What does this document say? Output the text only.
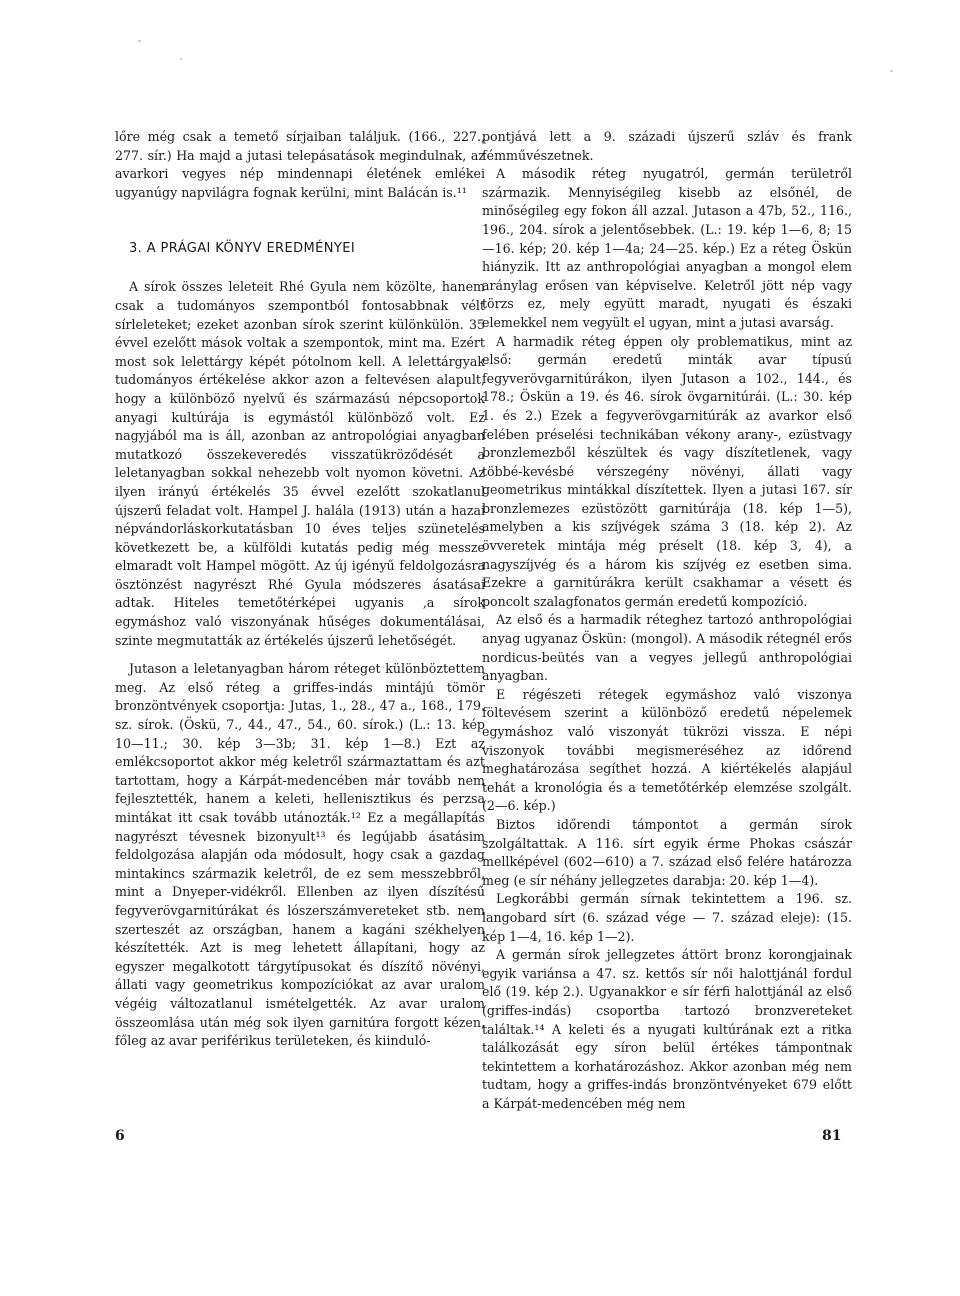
lőre még csak a temető sírjaiban találjuk. (166., 227., 277. sír.) Ha majd a jutasi telepásatások megindulnak, az avarkori vegyes nép mindennapi életének emlékei ugyanúgy napvilágra fognak kerülni, mint Balácán is.¹¹

3. A PRÁGAI KÖNYV EREDMÉNYEI

A sírok összes leleteit Rhé Gyula nem közölte, hanem csak a tudományos szempontból fontosabbnak vélt sírleleteket; ezeket azonban sírok szerint különkülön. 35 évvel ezelőtt mások voltak a szempontok, mint ma. Ezért most sok lelettárgy képét pótolnom kell. A lelettárgyak tudományos értékelése akkor azon a feltevésen alapult, hogy a különböző nyelvű és származású népcsoportok anyagi kultúrája is egymástól különböző volt. Ez nagyjából ma is áll, azonban az antropológiai anyagban mutatkozó összekeveredés visszatükröződését a leletanyagban sokkal nehezebb volt nyomon követni. Az ilyen irányú értékelés 35 évvel ezelőtt szokatlanul újszerű feladat volt. Hampel J. halála (1913) után a hazai népvándorláskorkutatásban 10 éves teljes szünetelés következett be, a külföldi kutatás pedig még messze elmaradt volt Hampel mögött. Az új igényű feldolgozásra ösztönzést nagyrészt Rhé Gyula módszeres ásatásai adtak. Hiteles temetőtérképei ugyanis ,a sírok egymáshoz való viszonyának hűséges dokumentálásai, szinte megmutatták az értékelés újszerű lehetőségét.

Jutason a leletanyagban három réteget különböztettem meg. Az első réteg a griffes-indás mintájú tömör bronzöntvények csoportja: Jutas, 1., 28., 47 a., 168., 179. sz. sírok. (Öskü, 7., 44., 47., 54., 60. sírok.) (L.: 13. kép 10—11.; 30. kép 3—3b; 31. kép 1—8.) Ezt az emlékcsoportot akkor még keletről származtattam és azt tartottam, hogy a Kárpát-medencében már tovább nem fejlesztették, hanem a keleti, hellenisztikus és perzsa mintákat itt csak tovább utánozták.¹² Ez a megállapítás nagyrészt tévesnek bizonyult¹³ és legújabb ásatásim feldolgozása alapján oda módosult, hogy csak a gazdag mintakincs származik keletről, de ez sem messzebbről, mint a Dnyeper-vidékről. Ellenben az ilyen díszítésű fegyverövgarnitúrákat és lószerszámvereteket stb. nem szerteszét az országban, hanem a kagáni székhelyen készítették. Azt is meg lehetett állapítani, hogy az egyszer megalkotott tárgytípusokat és díszítő növényi, állati vagy geometrikus kompozíciókat az avar uralom végéig változatlanul ismételgették. Az avar uralom összeomlása után még sok ilyen garnitúra forgott kézen, főleg az avar periférikus területeken, és kiinduló-

pontjává lett a 9. századi újszerű szláv és frank fémművészetnek.

A második réteg nyugatról, germán területről származik. Mennyiségileg kisebb az elsőnél, de minőségileg egy fokon áll azzal. Jutason a 47b, 52., 116., 196., 204. sírok a jelentősebbek. (L.: 19. kép 1—6, 8; 15—16. kép; 20. kép 1—4a; 24—25. kép.) Ez a réteg Öskün hiányzik. Itt az anthropológiai anyagban a mongol elem aránylag erősen van képviselve. Keletről jött nép vagy törzs ez, mely együtt maradt, nyugati és északi elemekkel nem vegyült el ugyan, mint a jutasi avarság.

A harmadik réteg éppen oly problematikus, mint az első: germán eredetű minták avar típusú fegyverövgarnitúrákon, ilyen Jutason a 102., 144., és 178.; Öskün a 19. és 46. sírok övgarnitúrái. (L.: 30. kép 1. és 2.) Ezek a fegyverövgarnitúrák az avarkor első felében préselési technikában vékony arany-, ezüstvagy bronzlemezből készültek és vagy díszítetlenek, vagy többé-kevésbé vérszegény növényi, állati vagy geometrikus mintákkal díszítettek. Ilyen a jutasi 167. sír bronzlemezes ezüstözött garnitúrája (18. kép 1—5), amelyben a kis szíjvégek száma 3 (18. kép 2). Az övveretek mintája még préselt (18. kép 3, 4), a nagyszíjvég és a három kis szíjvég ez esetben sima. Ezekre a garnitúrákra került csakhamar a vésett és poncolt szalagfonatos germán eredetű kompozíció.

Az első és a harmadik réteghez tartozó anthropológiai anyag ugyanaz Öskün: (mongol). A második rétegnél erős nordicus-beütés van a vegyes jellegű anthropológiai anyagban.

E régészeti rétegek egymáshoz való viszonya föltevésem szerint a különböző eredetű népelemek egymáshoz való viszonyát tükrözi vissza. E népi viszonyok további megismeréséhez az időrend meghatározása segíthet hozzá. A kiértékelés alapjául tehát a kronológia és a temetőtérkép elemzése szolgált. (2—6. kép.)

Biztos időrendi támpontot a germán sírok szolgáltattak. A 116. sírt egyik érme Phokas császár mellképével (602—610) a 7. század első felére határozza meg (e sír néhány jellegzetes darabja: 20. kép 1—4).

Legkorábbi germán sírnak tekintettem a 196. sz. langobard sírt (6. század vége — 7. század eleje): (15. kép 1—4, 16. kép 1—2).

A germán sírok jellegzetes áttört bronz korongjainak egyik variánsa a 47. sz. kettős sír női halottjánál fordul elő (19. kép 2.). Ugyanakkor e sír férfi halottjánál az első (griffes-indás) csoportba tartozó bronzvereteket találtak.¹⁴ A keleti és a nyugati kultúrának ezt a ritka találkozását egy síron belül értékes támpontnak tekintettem a korhatározáshoz. Akkor azonban még nem tudtam, hogy a griffes-indás bronzöntvényeket 679 előtt a Kárpát-medencében még nem

6	81
